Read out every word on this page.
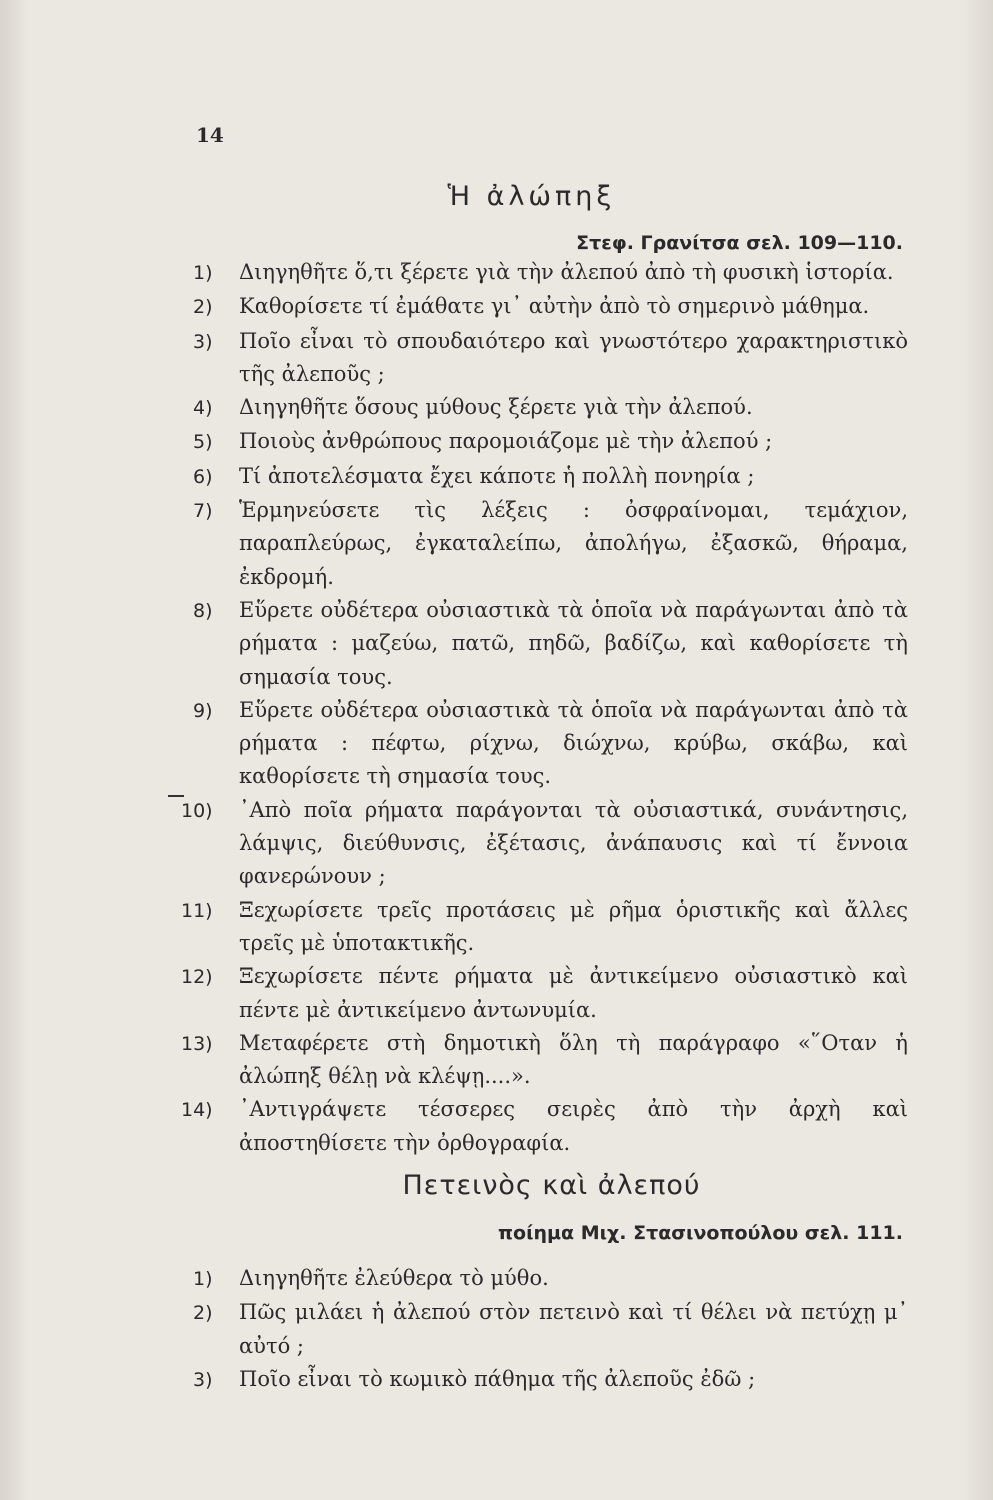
14
Ἡ ἀλώπηξ
Στεφ. Γρανίτσα σελ. 109—110.
1)	Διηγηθῆτε ὅ,τι ξέρετε γιὰ τὴν ἀλεπού ἀπὸ τὴ φυσικὴ ἱστορία.
2)	Καθορίσετε τί ἐμάθατε γι᾿ αὐτὴν ἀπὸ τὸ σημερινὸ μάθημα.
3)	Ποῖο εἶναι τὸ σπουδαιότερο καὶ γνωστότερο χαρακτηριστικὸ τῆς ἀλεποῦς ;
4)	Διηγηθῆτε ὅσους μύθους ξέρετε γιὰ τὴν ἀλεπού.
5)	Ποιοὺς ἀνθρώπους παρομοιάζομε μὲ τὴν ἀλεπού ;
6)	Τί ἀποτελέσματα ἔχει κάποτε ἡ πολλὴ πονηρία ;
7)	Ἑρμηνεύσετε τὶς λέξεις : ὀσφραίνομαι, τεμάχιον, παραπλεύρως, ἐγκαταλείπω, ἀπολήγω, ἐξασκῶ, θήραμα, ἐκδρομή.
8)	Εὕρετε οὐδέτερα οὐσιαστικὰ τὰ ὁποῖα νὰ παράγωνται ἀπὸ τὰ ρήματα : μαζεύω, πατῶ, πηδῶ, βαδίζω, καὶ καθορίσετε τὴ σημασία τους.
9)	Εὕρετε οὐδέτερα οὐσιαστικὰ τὰ ὁποῖα νὰ παράγωνται ἀπὸ τὰ ρήματα : πέφτω, ρίχνω, διώχνω, κρύβω, σκάβω, καὶ καθορίσετε τὴ σημασία τους.
10)	᾿Απὸ ποῖα ρήματα παράγονται τὰ οὐσιαστικά, συνάντησις, λάμψις, διεύθυνσις, ἐξέτασις, ἀνάπαυσις καὶ τί ἔννοια φανερώνουν ;
11)	Ξεχωρίσετε τρεῖς προτάσεις μὲ ρῆμα ὁριστικῆς καὶ ἄλλες τρεῖς μὲ ὑποτακτικῆς.
12)	Ξεχωρίσετε πέντε ρήματα μὲ ἀντικείμενο οὐσιαστικὸ καὶ πέντε μὲ ἀντικείμενο ἀντωνυμία.
13)	Μεταφέρετε στὴ δημοτικὴ ὅλη τὴ παράγραφο «῞Οταν ἡ ἀλώπηξ θέλῃ νὰ κλέψῃ....».
14)	᾿Αντιγράψετε τέσσερες σειρὲς ἀπὸ τὴν ἀρχὴ καὶ ἀποστηθίσετε τὴν ὀρθογραφία.
Πετεινὸς καὶ ἀλεπού
ποίημα Μιχ. Στασινοπούλου σελ. 111.
1)	Διηγηθῆτε ἐλεύθερα τὸ μύθο.
2)	Πῶς μιλάει ἡ ἀλεπού στὸν πετεινὸ καὶ τί θέλει νὰ πετύχῃ μ᾿ αὐτό ;
3)	Ποῖο εἶναι τὸ κωμικὸ πάθημα τῆς ἀλεποῦς ἐδῶ ;
